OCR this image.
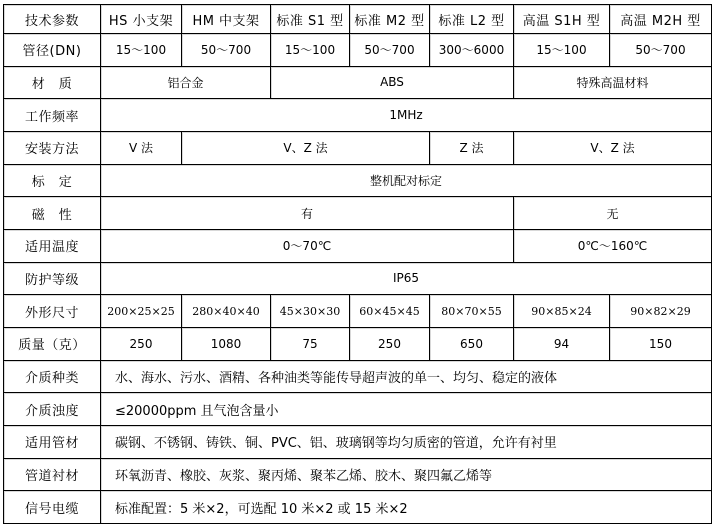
技术参数	HS 小支架	HM 中支架	标准 S1 型	标准 M2 型	标准 L2 型	高温 S1H 型	高温 M2H 型
管径(DN)	15～100	50～700	15～100	50～700	300～6000	15～100	50～700
材　质	铝合金		ABS			特殊高温材料	
工作频率	1MHz						
安装方法	V 法	V、Z 法			Z 法	V、Z 法	
标　定	整机配对标定						
磁　性	有					无	
适用温度	0～70℃					0℃～160℃	
防护等级	IP65						
外形尺寸	200×25×25	280×40×40	45×30×30	60×45×45	80×70×55	90×85×24	90×82×29
质量（克）	250	1080	75	250	650	94	150
介质种类	水、海水、污水、酒精、各种油类等能传导超声波的单一、均匀、稳定的液体						
介质浊度	≤20000ppm 且气泡含量小						
适用管材	碳钢、不锈钢、铸铁、铜、PVC、铝、玻璃钢等均匀质密的管道，允许有衬里						
管道衬材	环氧沥青、橡胶、灰浆、聚丙烯、聚苯乙烯、胶木、聚四氟乙烯等						
信号电缆	标准配置：5 米×2，可选配 10 米×2 或 15 米×2						
